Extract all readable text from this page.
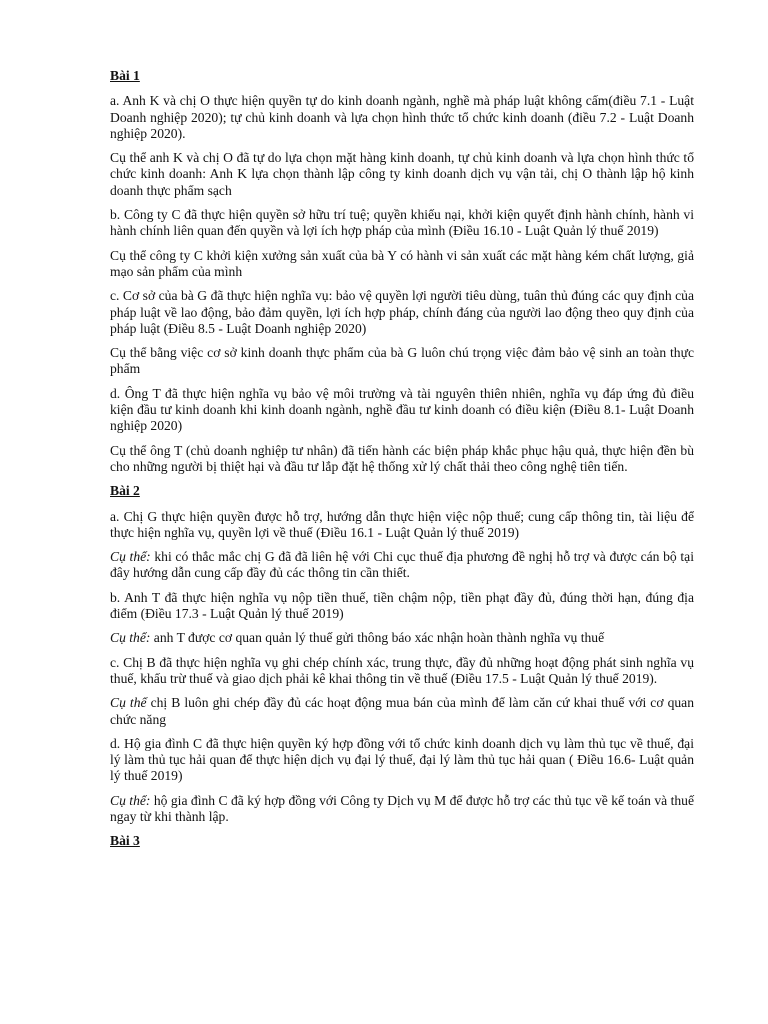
Bài 1

a. Anh K và chị O thực hiện quyền tự do kinh doanh ngành, nghề mà pháp luật không cấm(điều 7.1 - Luật Doanh nghiệp 2020); tự chủ kinh doanh và lựa chọn hình thức tổ chức kinh doanh (điều 7.2 - Luật Doanh nghiệp 2020).

Cụ thể anh K và chị O đã tự do lựa chọn mặt hàng kinh doanh, tự chủ kinh doanh và lựa chọn hình thức tổ chức kinh doanh: Anh K lựa chọn thành lập công ty kinh doanh dịch vụ vận tải, chị O thành lập hộ kinh doanh thực phẩm sạch

b. Công ty C đã thực hiện quyền sở hữu trí tuệ; quyền khiếu nại, khởi kiện quyết định hành chính, hành vi hành chính liên quan đến quyền và lợi ích hợp pháp của mình (Điều 16.10 - Luật Quản lý thuế 2019)

Cụ thể công ty C khởi kiện xưởng sản xuất của bà Y có hành vi sản xuất các mặt hàng kém chất lượng, giả mạo sản phẩm của mình

c. Cơ sở của bà G đã thực hiện nghĩa vụ: bảo vệ quyền lợi người tiêu dùng, tuân thủ đúng các quy định của pháp luật về lao động, bảo đảm quyền, lợi ích hợp pháp, chính đáng của người lao động theo quy định của pháp luật (Điều 8.5 - Luật Doanh nghiệp 2020)

Cụ thể bằng việc cơ sở kinh doanh thực phẩm của bà G luôn chú trọng việc đảm bảo vệ sinh an toàn thực phẩm

d. Ông T đã thực hiện nghĩa vụ bảo vệ môi trường và tài nguyên thiên nhiên, nghĩa vụ đáp ứng đủ điều kiện đầu tư kinh doanh khi kinh doanh ngành, nghề đầu tư kinh doanh có điều kiện (Điều 8.1- Luật Doanh nghiệp 2020)

Cụ thể ông T (chủ doanh nghiệp tư nhân) đã tiến hành các biện pháp khắc phục hậu quả, thực hiện đền bù cho những người bị thiệt hại và đầu tư lắp đặt hệ thống xử lý chất thải theo công nghệ tiên tiến.

Bài 2

a. Chị G thực hiện quyền được hỗ trợ, hướng dẫn thực hiện việc nộp thuế; cung cấp thông tin, tài liệu để thực hiện nghĩa vụ, quyền lợi về thuế (Điều 16.1 - Luật Quản lý thuế 2019)

Cụ thể: khi có thắc mắc chị G đã đã liên hệ với Chi cục thuế địa phương đề nghị hỗ trợ và được cán bộ tại đây hướng dẫn cung cấp đầy đủ các thông tin cần thiết.

b. Anh T đã thực hiện nghĩa vụ nộp tiền thuế, tiền chậm nộp, tiền phạt đầy đủ, đúng thời hạn, đúng địa điểm (Điều 17.3 - Luật Quản lý thuế 2019)

Cụ thể: anh T được cơ quan quản lý thuế gửi thông báo xác nhận hoàn thành nghĩa vụ thuế

c. Chị B đã thực hiện nghĩa vụ ghi chép chính xác, trung thực, đầy đủ những hoạt động phát sinh nghĩa vụ thuế, khấu trừ thuế và giao dịch phải kê khai thông tin về thuế (Điều 17.5 - Luật Quản lý thuế 2019).

Cụ thể chị B luôn ghi chép đầy đủ các hoạt động mua bán của mình để làm căn cứ khai thuế với cơ quan chức năng

d. Hộ gia đình C đã thực hiện quyền ký hợp đồng với tổ chức kinh doanh dịch vụ làm thủ tục về thuế, đại lý làm thủ tục hải quan để thực hiện dịch vụ đại lý thuế, đại lý làm thủ tục hải quan ( Điều 16.6- Luật quản lý thuế 2019)

Cụ thể: hộ gia đình C đã ký hợp đồng với Công ty Dịch vụ M để được hỗ trợ các thủ tục về kế toán và thuế ngay từ khi thành lập.

Bài 3
